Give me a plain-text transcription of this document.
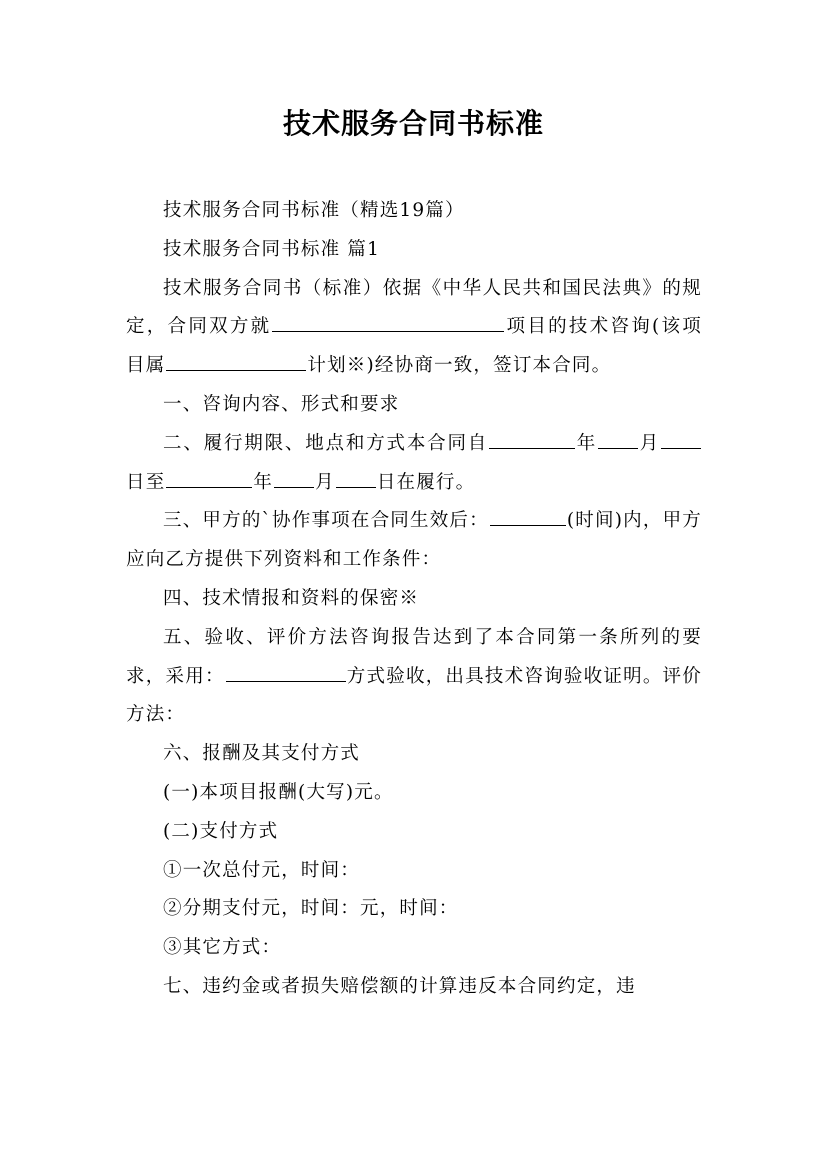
技术服务合同书标准

技术服务合同书标准（精选19篇）

技术服务合同书标准 篇1

技术服务合同书（标准）依据《中华人民共和国民法典》的规定，合同双方就	项目的技术咨询(该项目属	计划※)经协商一致，签订本合同。

一、咨询内容、形式和要求

二、履行期限、地点和方式本合同自	年 月日至	年 月 日在履行。

三、甲方的`协作事项在合同生效后：	(时间)内，甲方应向乙方提供下列资料和工作条件：

四、技术情报和资料的保密※

五、验收、评价方法咨询报告达到了本合同第一条所列的要求，采用：	方式验收，出具技术咨询验收证明。评价方法：

六、报酬及其支付方式

(一)本项目报酬(大写)元。

(二)支付方式

①一次总付元，时间：

②分期支付元，时间：元，时间：

③其它方式：

七、违约金或者损失赔偿额的计算违反本合同约定，违
